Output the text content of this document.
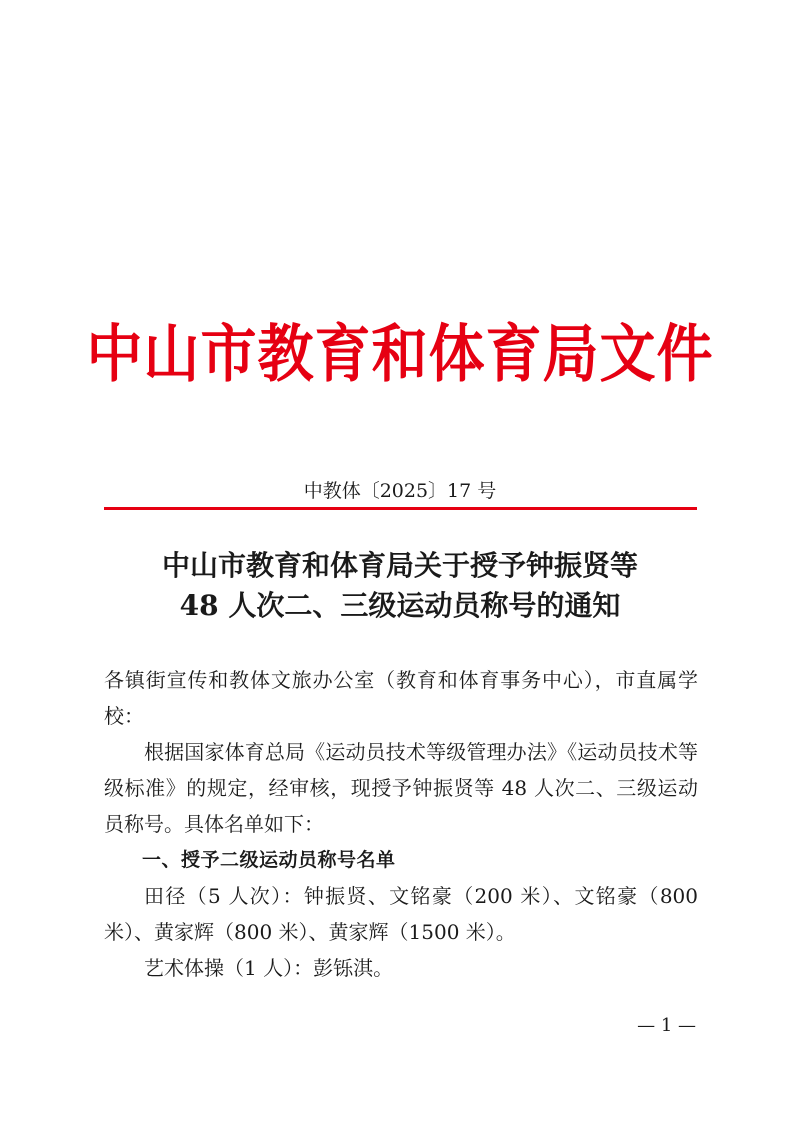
中山市教育和体育局文件
中教体〔2025〕17 号
中山市教育和体育局关于授予钟振贤等
48 人次二、三级运动员称号的通知

各镇街宣传和教体文旅办公室（教育和体育事务中心），市直属学校：

根据国家体育总局《运动员技术等级管理办法》《运动员技术等级标准》的规定，经审核，现授予钟振贤等 48 人次二、三级运动员称号。具体名单如下：

一、授予二级运动员称号名单

田径（5 人次）：钟振贤、文铭豪（200 米）、文铭豪（800 米）、黄家辉（800 米）、黄家辉（1500 米）。

艺术体操（1 人）：彭铄淇。

— 1 —
